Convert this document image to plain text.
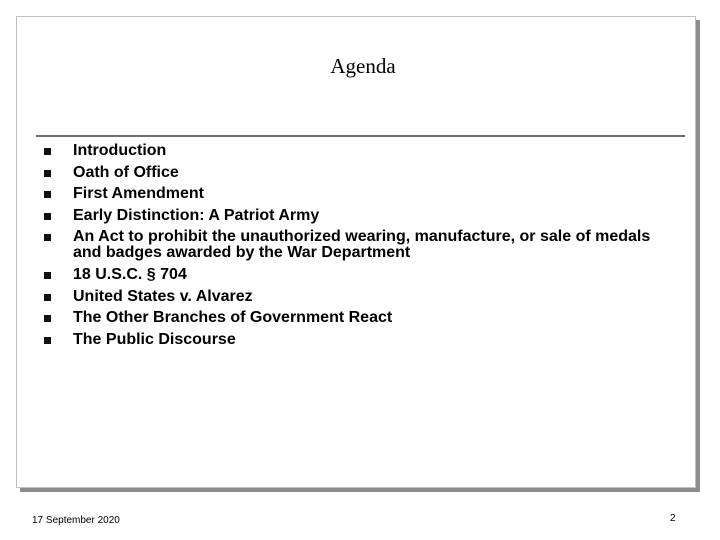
Agenda
Introduction
Oath of Office
First Amendment
Early Distinction: A Patriot Army
An Act to prohibit the unauthorized wearing, manufacture, or sale of medals and badges awarded by the War Department
18 U.S.C. § 704
United States v. Alvarez
The Other Branches of Government React
The Public Discourse
17 September 2020	2
